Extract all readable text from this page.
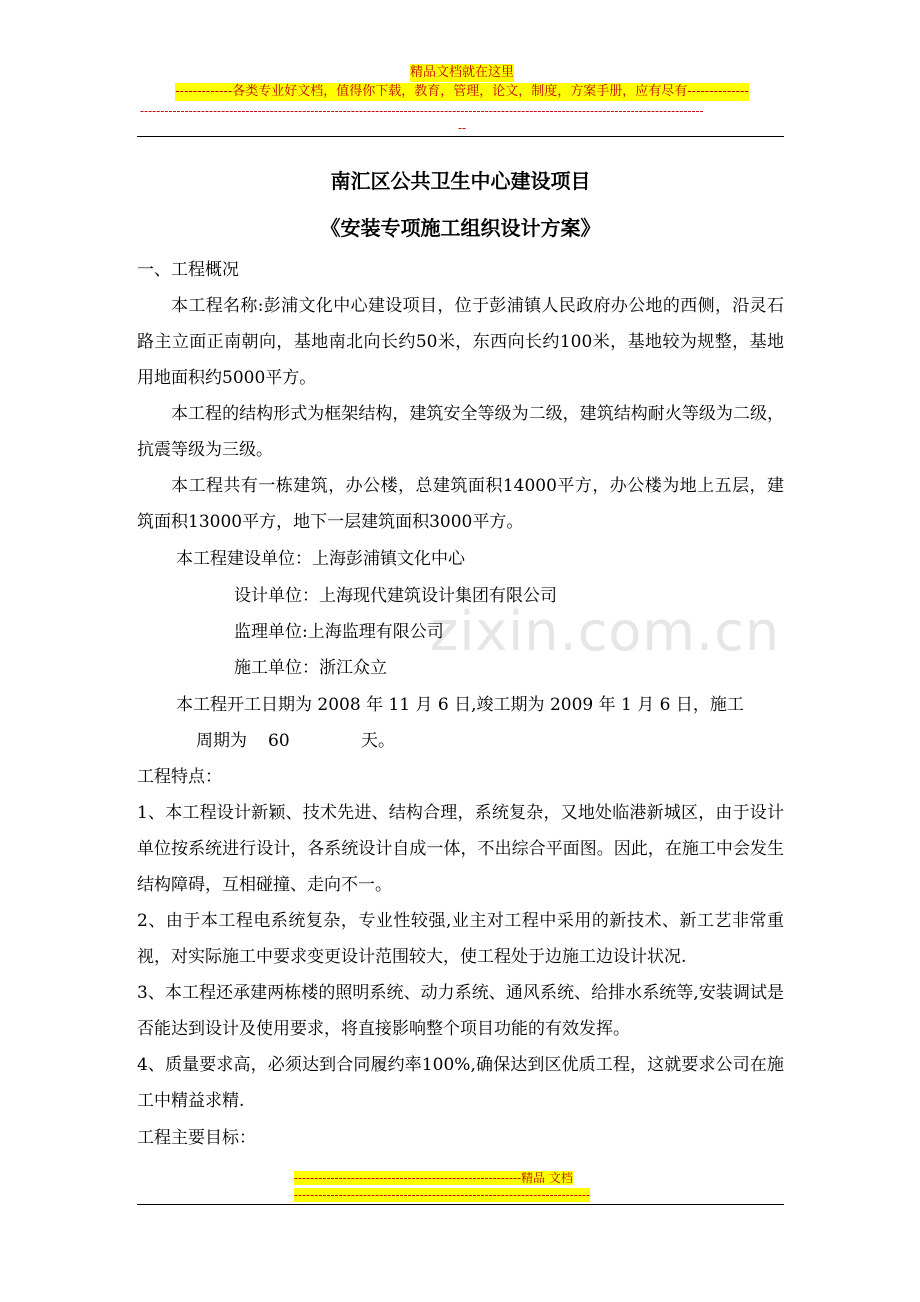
zixin.com.cn
精品文档就在这里
-------------各类专业好文档，值得你下载，教育，管理，论文，制度，方案手册，应有尽有--------------
-------------------------------------------------------------------------------------------------------------------------------------------
--
南汇区公共卫生中心建设项目
《安装专项施工组织设计方案》
一、工程概况
本工程名称:彭浦文化中心建设项目，位于彭浦镇人民政府办公地的西侧，沿灵石路主立面正南朝向，基地南北向长约50米，东西向长约100米，基地较为规整，基地用地面积约5000平方。
本工程的结构形式为框架结构，建筑安全等级为二级，建筑结构耐火等级为二级，抗震等级为三级。
本工程共有一栋建筑，办公楼，总建筑面积14000平方，办公楼为地上五层，建筑面积13000平方，地下一层建筑面积3000平方。
本工程建设单位：上海彭浦镇文化中心
设计单位：上海现代建筑设计集团有限公司
监理单位:上海监理有限公司
施工单位：浙江众立
本工程开工日期为 2008 年 11 月 6 日,竣工期为 2009 年 1 月 6 日，施工
周期为 60	天。
工程特点：
1、本工程设计新颖、技术先进、结构合理，系统复杂，又地处临港新城区，由于设计单位按系统进行设计，各系统设计自成一体，不出综合平面图。因此，在施工中会发生结构障碍，互相碰撞、走向不一。
2、由于本工程电系统复杂，专业性较强,业主对工程中采用的新技术、新工艺非常重视，对实际施工中要求变更设计范围较大，使工程处于边施工边设计状况.
3、本工程还承建两栋楼的照明系统、动力系统、通风系统、给排水系统等,安装调试是否能达到设计及使用要求，将直接影响整个项目功能的有效发挥。
4、质量要求高，必须达到合同履约率100%,确保达到区优质工程，这就要求公司在施工中精益求精.
工程主要目标：
--------------------------------------------------------精品 文档
-------------------------------------------------------------------------
